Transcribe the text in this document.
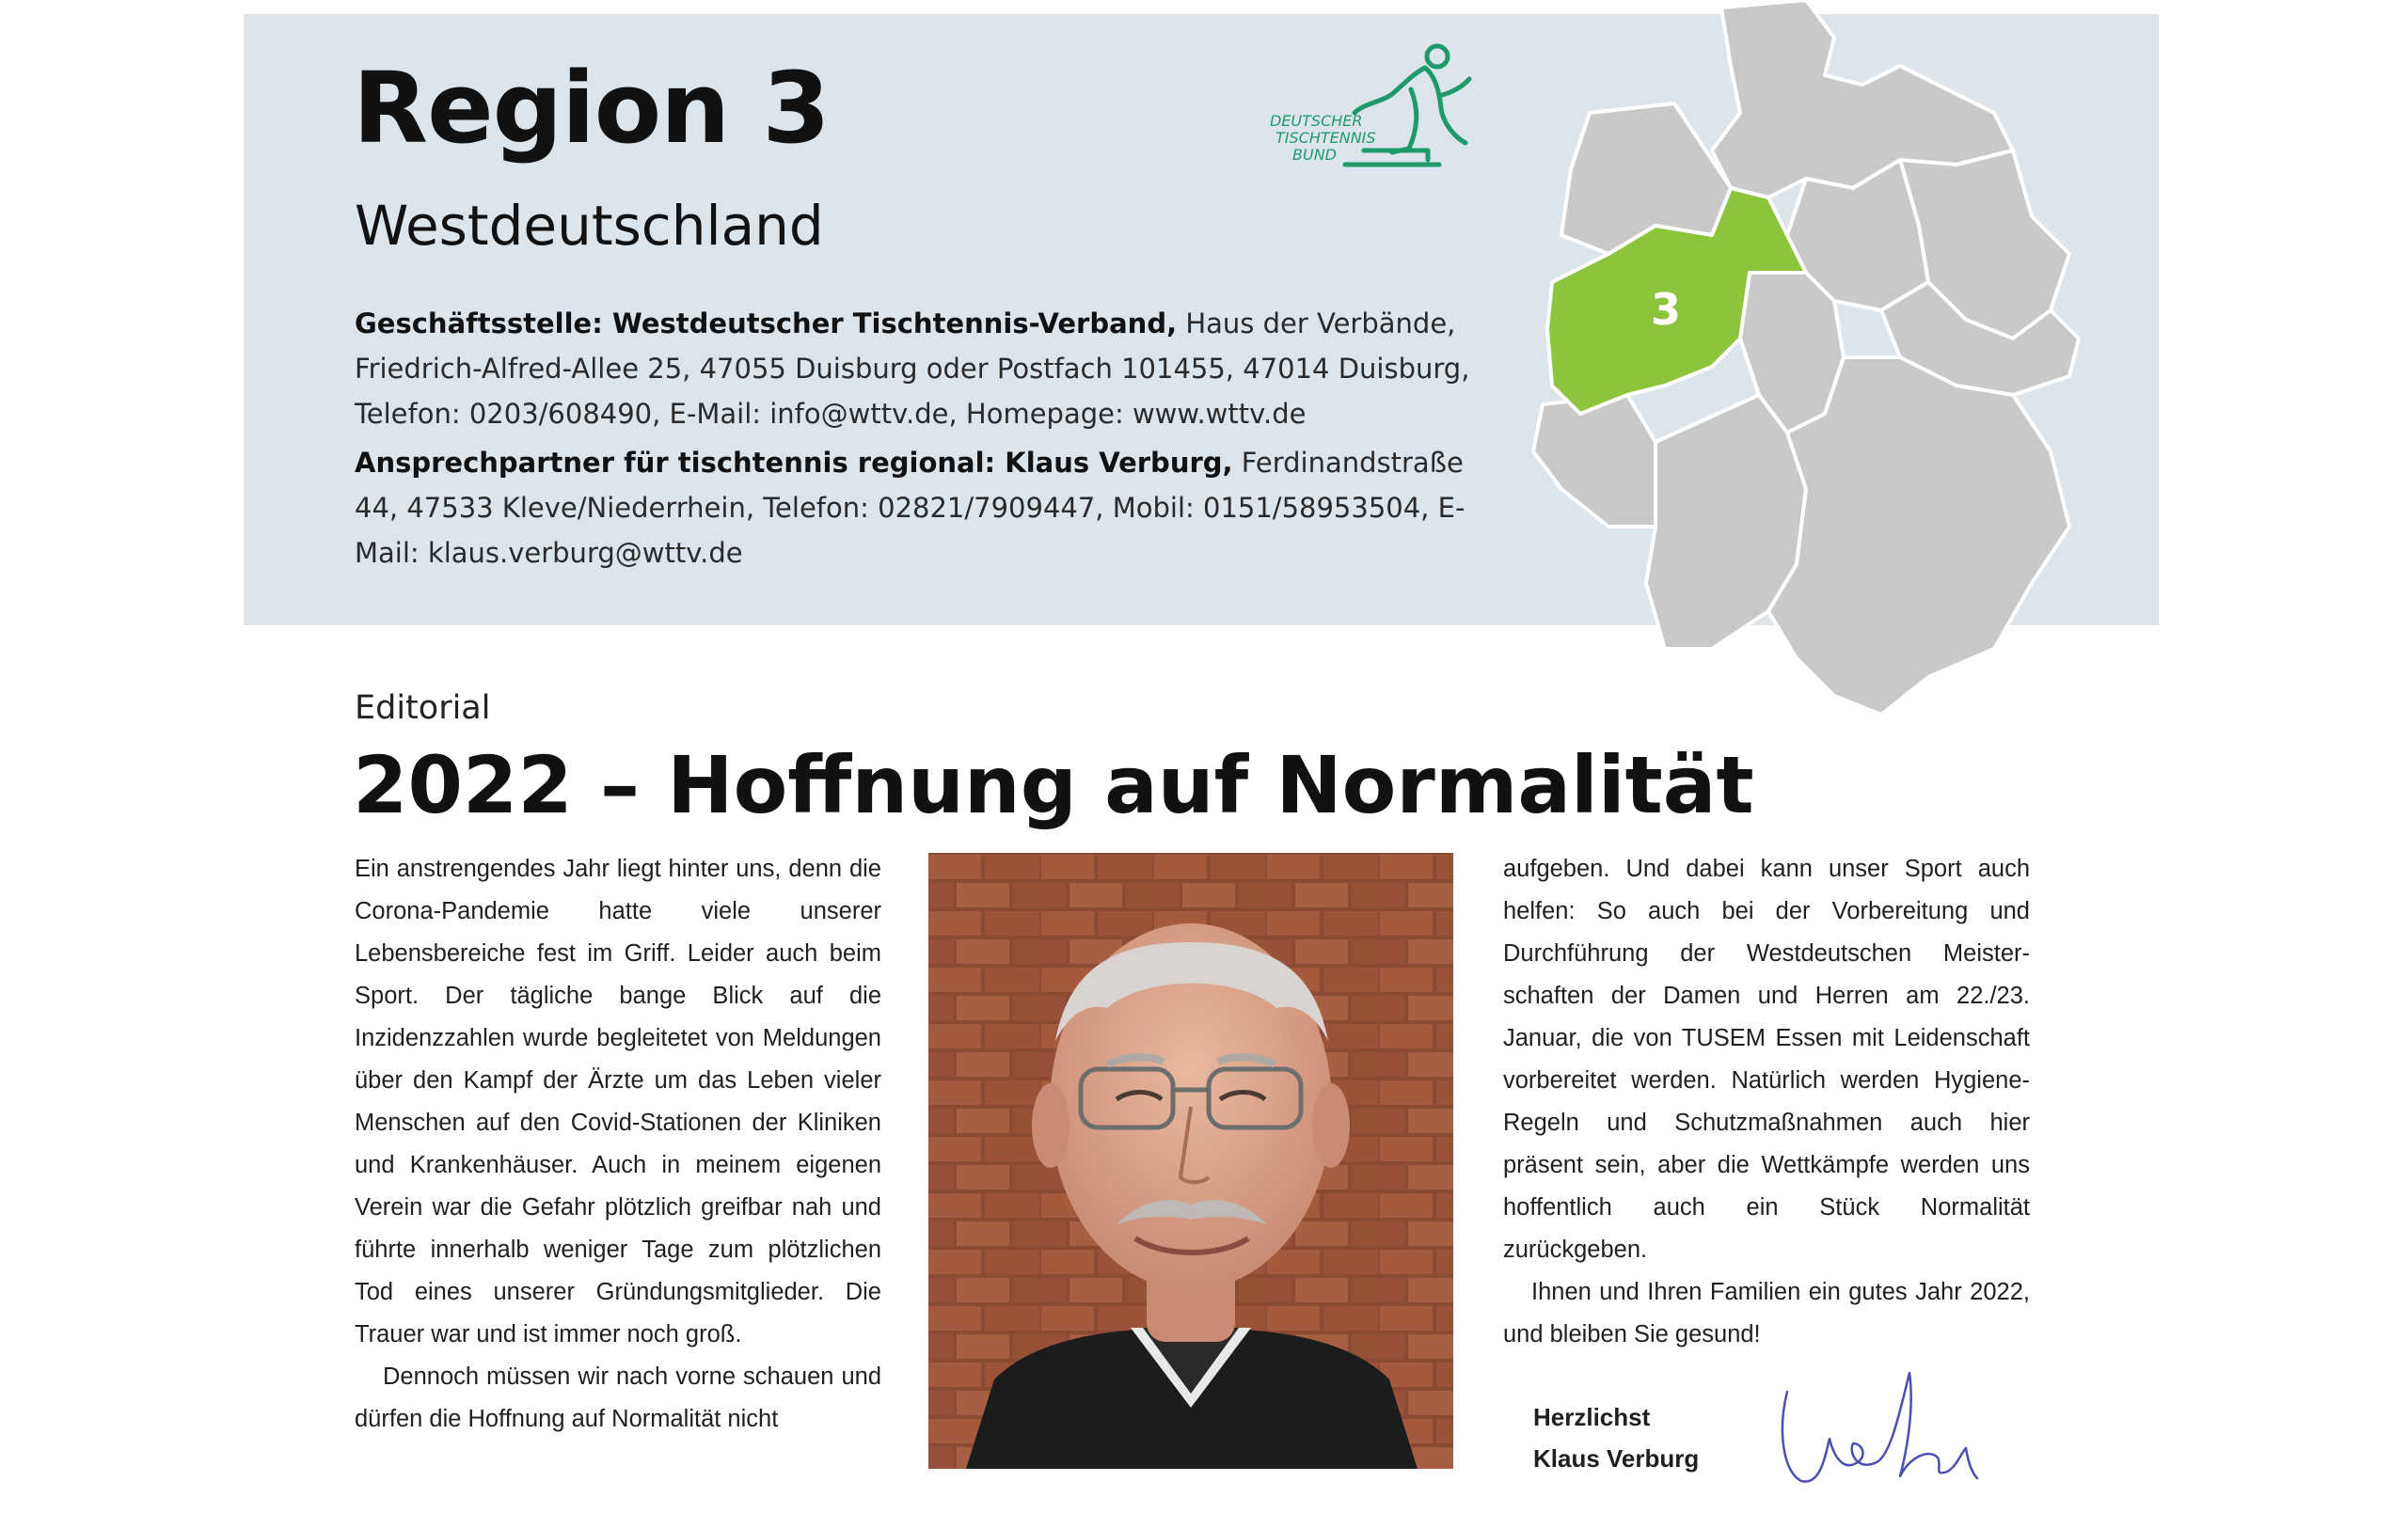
Region 3
Westdeutschland

Geschäftsstelle: Westdeutscher Tischtennis-Verband, Haus der Verbände, Friedrich-Alfred-Allee 25, 47055 Duisburg oder Postfach 101455, 47014 Duisburg, Telefon: 0203/608490, E-Mail: info@wttv.de, Homepage: www.wttv.de

Ansprechpartner für tischtennis regional: Klaus Verburg, Ferdinandstraße 44, 47533 Kleve/Niederrhein, Telefon: 02821/7909447, Mobil: 0151/58953504, E-Mail: klaus.verburg@wttv.de

DEUTSCHER
TISCHTENNIS
BUND
3

Editorial

2022 – Hoffnung auf Normalität

Ein anstrengendes Jahr liegt hinter uns, denn die Corona-Pandemie hatte viele unserer Lebensbereiche fest im Griff. Leider auch beim Sport. Der tägliche bange Blick auf die Inzidenzzahlen wurde begleitetet von Meldungen über den Kampf der Ärzte um das Leben vieler Menschen auf den Covid-Stationen der Kliniken und Krankenhäuser. Auch in meinem eigenen Verein war die Gefahr plötzlich greifbar nah und führte innerhalb weniger Tage zum plötzlichen Tod eines unserer Gründungsmitglieder. Die Trauer war und ist immer noch groß.

Dennoch müssen wir nach vorne schauen und dürfen die Hoffnung auf Normalität nicht

aufgeben. Und dabei kann unser Sport auch helfen: So auch bei der Vorbereitung und Durchführung der Westdeutschen Meisterschaften der Damen und Herren am 22./23. Januar, die von TUSEM Essen mit Leidenschaft vorbereitet werden. Natürlich werden Hygiene-Regeln und Schutzmaßnahmen auch hier präsent sein, aber die Wettkämpfe werden uns hoffentlich auch ein Stück Normalität zurückgeben.

Ihnen und Ihren Familien ein gutes Jahr 2022, und bleiben Sie gesund!

Herzlichst
Klaus Verburg
